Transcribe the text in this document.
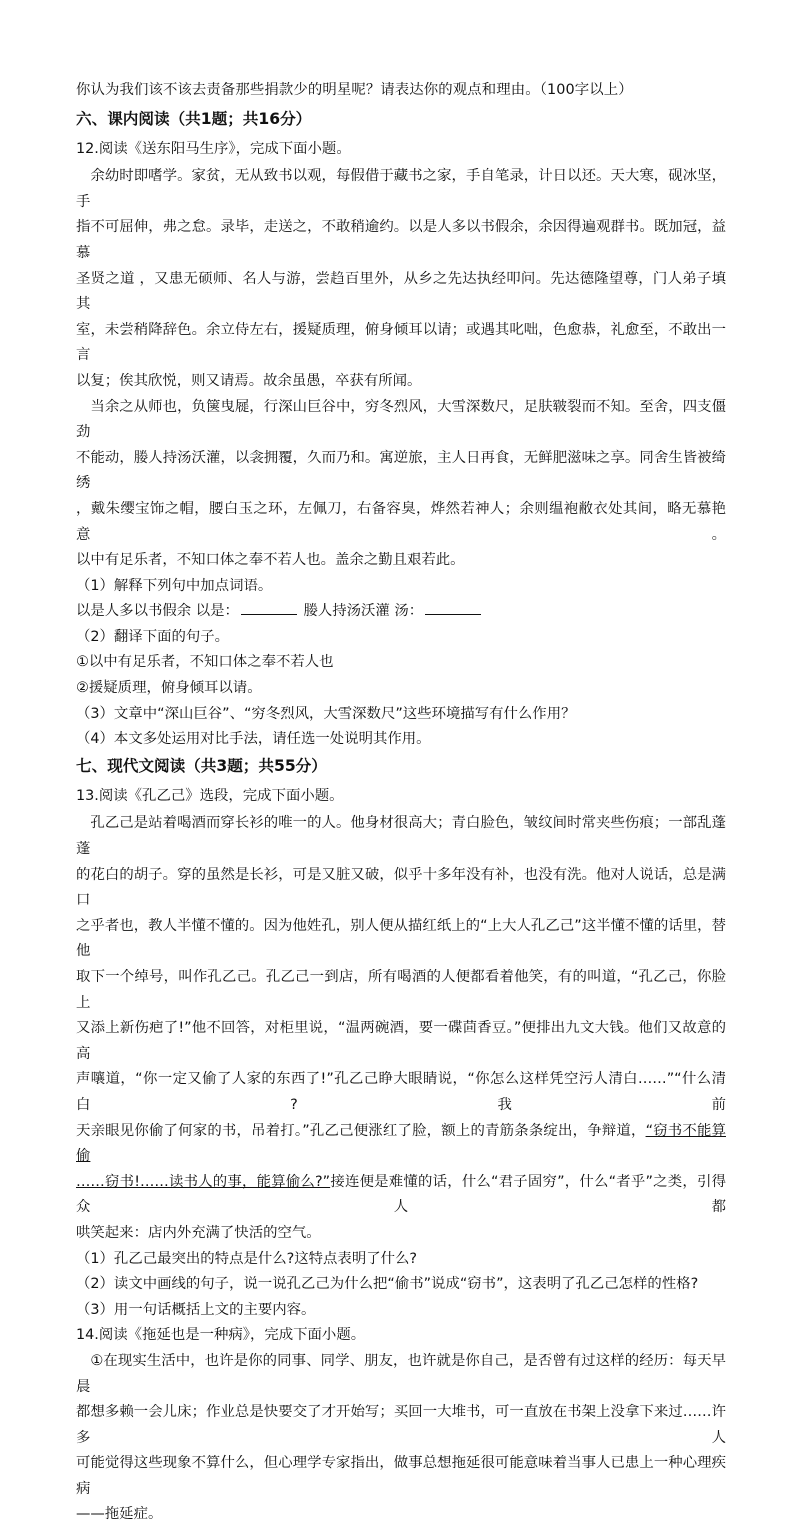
你认为我们该不该去责备那些捐款少的明星呢？请表达你的观点和理由。（100字以上）

六、课内阅读（共1题；共16分）

12.阅读《送东阳马生序》，完成下面小题。

余幼时即嗜学。家贫，无从致书以观，每假借于藏书之家，手自笔录，计日以还。天大寒，砚冰坚，手

指不可屈伸，弗之怠。录毕，走送之，不敢稍逾约。以是人多以书假余，余因得遍观群书。既加冠，益慕

圣贤之道 ，又患无硕师、名人与游，尝趋百里外，从乡之先达执经叩问。先达德隆望尊，门人弟子填其

室，未尝稍降辞色。余立侍左右，援疑质理，俯身倾耳以请；或遇其叱咄，色愈恭，礼愈至，不敢出一言

以复；俟其欣悦，则又请焉。故余虽愚，卒获有所闻。

当余之从师也，负箧曳屣，行深山巨谷中，穷冬烈风，大雪深数尺，足肤皲裂而不知。至舍，四支僵劲

不能动，媵人持汤沃灌，以衾拥覆，久而乃和。寓逆旅，主人日再食，无鲜肥滋味之享。同舍生皆被绮绣

，戴朱缨宝饰之帽，腰白玉之环，左佩刀，右备容臭，烨然若神人；余则缊袍敝衣处其间，略无慕艳意。

以中有足乐者，不知口体之奉不若人也。盖余之勤且艰若此。

（1）解释下列句中加点词语。

以是人多以书假余 以是：	媵人持汤沃灌 汤：

（2）翻译下面的句子。

①以中有足乐者，不知口体之奉不若人也

②援疑质理，俯身倾耳以请。

（3）文章中“深山巨谷”、“穷冬烈风，大雪深数尺”这些环境描写有什么作用？

（4）本文多处运用对比手法，请任选一处说明其作用。

七、现代文阅读（共3题；共55分）

13.阅读《孔乙己》选段，完成下面小题。

孔乙己是站着喝酒而穿长衫的唯一的人。他身材很高大；青白脸色，皱纹间时常夹些伤痕；一部乱蓬蓬

的花白的胡子。穿的虽然是长衫，可是又脏又破，似乎十多年没有补，也没有洗。他对人说话，总是满口

之乎者也，教人半懂不懂的。因为他姓孔，别人便从描红纸上的“上大人孔乙己”这半懂不懂的话里，替他

取下一个绰号，叫作孔乙己。孔乙己一到店，所有喝酒的人便都看着他笑，有的叫道，“孔乙己，你脸上

又添上新伤疤了!”他不回答，对柜里说，“温两碗酒，要一碟茴香豆。”便排出九文大钱。他们又故意的高

声嚷道，“你一定又偷了人家的东西了!”孔乙己睁大眼睛说，“你怎么这样凭空污人清白……”“什么清白?我前

天亲眼见你偷了何家的书，吊着打。”孔乙己便涨红了脸，额上的青筋条条绽出，争辩道，“窃书不能算偷

……窃书!……读书人的事，能算偷么?”接连便是难懂的话，什么“君子固穷”，什么“者乎”之类，引得众人都

哄笑起来：店内外充满了快活的空气。

（1）孔乙己最突出的特点是什么?这特点表明了什么?

（2）读文中画线的句子，说一说孔乙己为什么把“偷书”说成“窃书”，这表明了孔乙己怎样的性格?

（3）用一句话概括上文的主要内容。

14.阅读《拖延也是一种病》，完成下面小题。

①在现实生活中，也许是你的同事、同学、朋友，也许就是你自己，是否曾有过这样的经历：每天早晨

都想多赖一会儿床；作业总是快要交了才开始写；买回一大堆书，可一直放在书架上没拿下来过……许多人

可能觉得这些现象不算什么，但心理学专家指出，做事总想拖延很可能意味着当事人已患上一种心理疾病

——拖延症。
